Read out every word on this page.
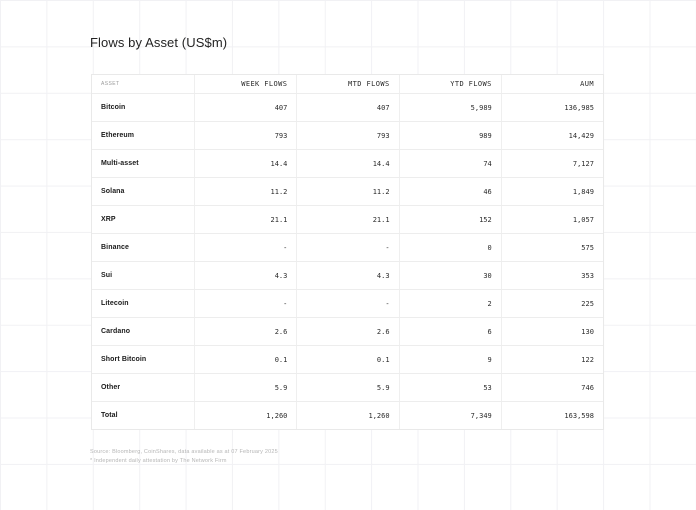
Flows by Asset (US$m)
ASSET	WEEK FLOWS	MTD FLOWS	YTD FLOWS	AUM
Bitcoin	407	407	5,989	136,985
Ethereum	793	793	989	14,429
Multi-asset	14.4	14.4	74	7,127
Solana	11.2	11.2	46	1,849
XRP	21.1	21.1	152	1,057
Binance	-	-	0	575
Sui	4.3	4.3	30	353
Litecoin	-	-	2	225
Cardano	2.6	2.6	6	130
Short Bitcoin	0.1	0.1	9	122
Other	5.9	5.9	53	746
Total	1,260	1,260	7,349	163,598
Source: Bloomberg, CoinShares, data available as at 07 February 2025
* Independent daily attestation by The Network Firm
